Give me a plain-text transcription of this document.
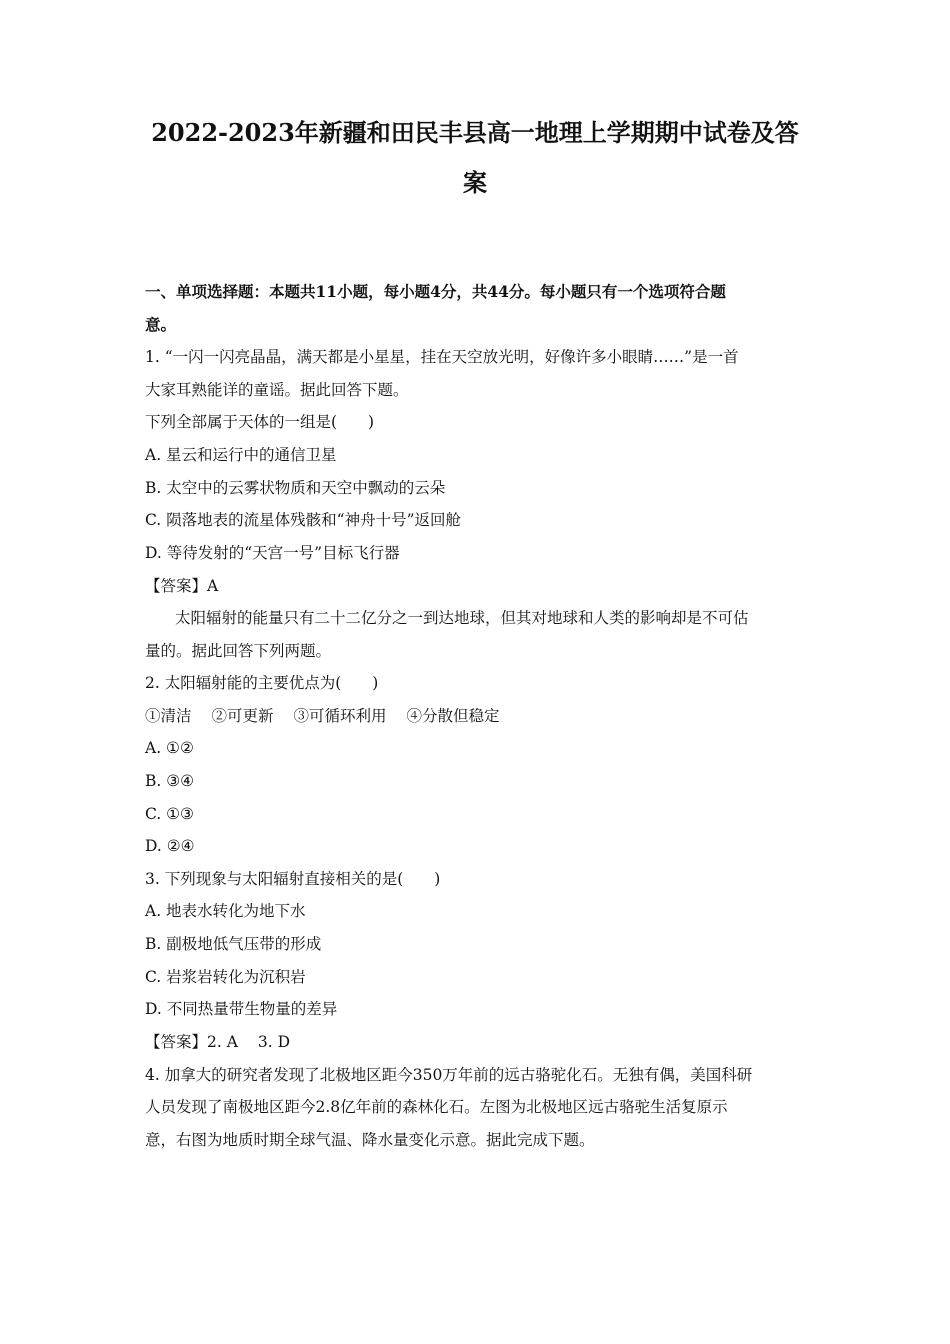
2022-2023年新疆和田民丰县高一地理上学期期中试卷及答
案
一、单项选择题：本题共11小题，每小题4分，共44分。每小题只有一个选项符合题
意。
1. “一闪一闪亮晶晶，满天都是小星星，挂在天空放光明，好像许多小眼睛……”是一首
大家耳熟能详的童谣。据此回答下题。
下列全部属于天体的一组是(　　)
A. 星云和运行中的通信卫星
B. 太空中的云雾状物质和天空中飘动的云朵
C. 陨落地表的流星体残骸和“神舟十号”返回舱
D. 等待发射的“天宫一号”目标飞行器
【答案】A
太阳辐射的能量只有二十二亿分之一到达地球，但其对地球和人类的影响却是不可估
量的。据此回答下列两题。
2. 太阳辐射能的主要优点为(　　)
①清洁 ②可更新 ③可循环利用 ④分散但稳定
A. ①②
B. ③④
C. ①③
D. ②④
3. 下列现象与太阳辐射直接相关的是(　　)
A. 地表水转化为地下水
B. 副极地低气压带的形成
C. 岩浆岩转化为沉积岩
D. 不同热量带生物量的差异
【答案】2. A 3. D
4. 加拿大的研究者发现了北极地区距今350万年前的远古骆驼化石。无独有偶，美国科研
人员发现了南极地区距今2.8亿年前的森林化石。左图为北极地区远古骆驼生活复原示
意，右图为地质时期全球气温、降水量变化示意。据此完成下题。
